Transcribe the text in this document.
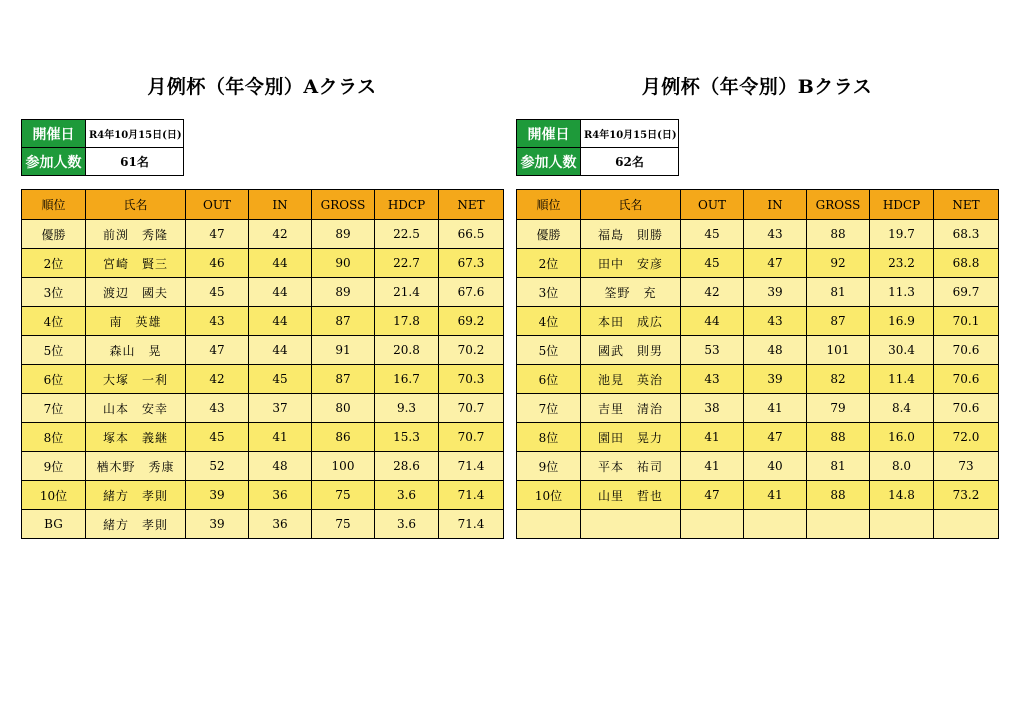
月例杯（年令別）Aクラス
開催日	R4年10月15日(日)
参加人数	61名
順位	氏名	OUT	IN	GROSS	HDCP	NET
優勝	前渕　秀隆	47	42	89	22.5	66.5
2位	宮崎　賢三	46	44	90	22.7	67.3
3位	渡辺　國夫	45	44	89	21.4	67.6
4位	南　英雄	43	44	87	17.8	69.2
5位	森山　晃	47	44	91	20.8	70.2
6位	大塚　一利	42	45	87	16.7	70.3
7位	山本　安幸	43	37	80	9.3	70.7
8位	塚本　義継	45	41	86	15.3	70.7
9位	楢木野　秀康	52	48	100	28.6	71.4
10位	緒方　孝則	39	36	75	3.6	71.4
BG	緒方　孝則	39	36	75	3.6	71.4
月例杯（年令別）Bクラス
開催日	R4年10月15日(日)
参加人数	62名
順位	氏名	OUT	IN	GROSS	HDCP	NET
優勝	福島　則勝	45	43	88	19.7	68.3
2位	田中　安彦	45	47	92	23.2	68.8
3位	筌野　充	42	39	81	11.3	69.7
4位	本田　成広	44	43	87	16.9	70.1
5位	國武　則男	53	48	101	30.4	70.6
6位	池見　英治	43	39	82	11.4	70.6
7位	吉里　清治	38	41	79	8.4	70.6
8位	園田　晃力	41	47	88	16.0	72.0
9位	平本　祐司	41	40	81	8.0	73
10位	山里　哲也	47	41	88	14.8	73.2
